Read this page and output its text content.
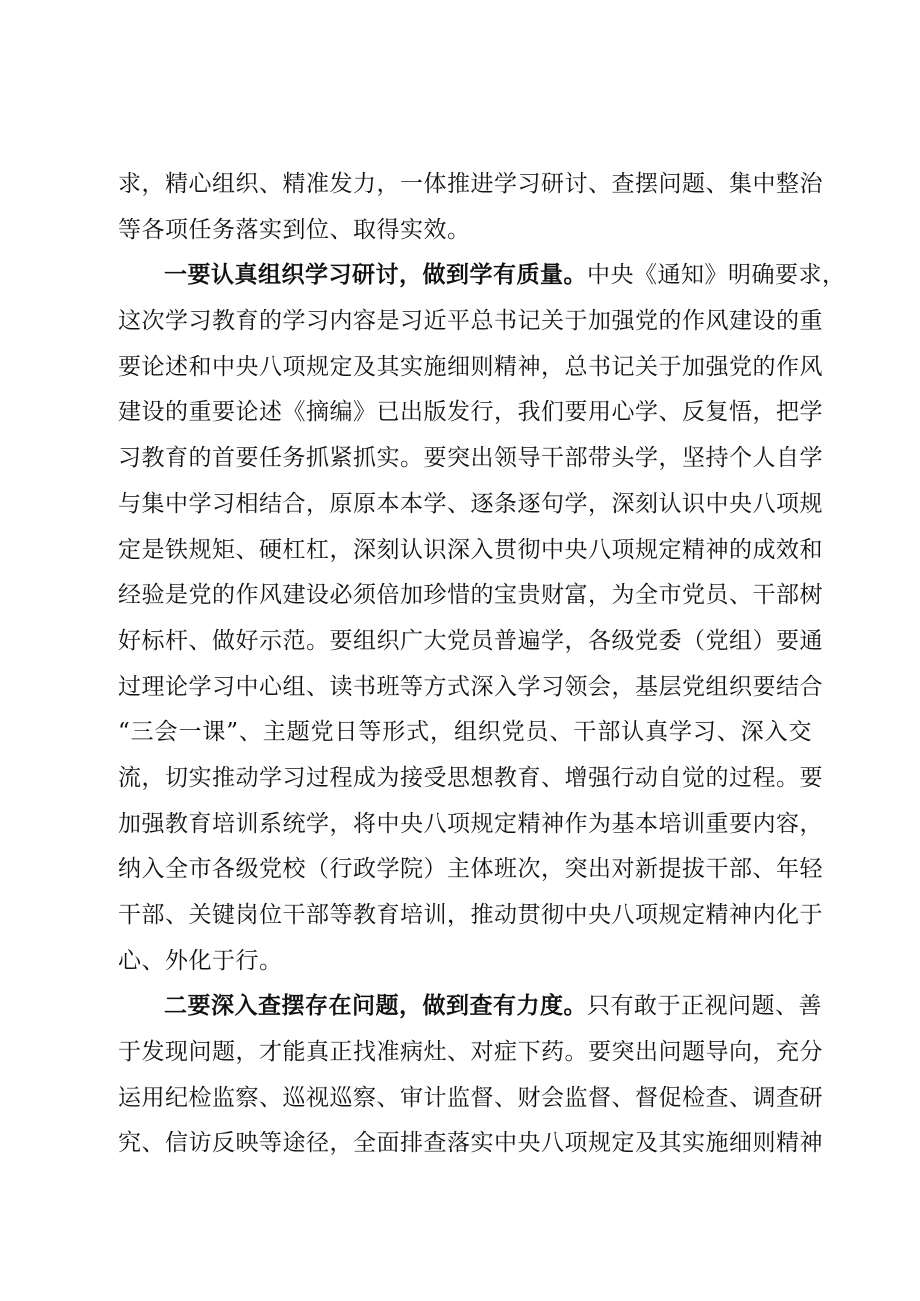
求，精心组织、精准发力，一体推进学习研讨、查摆问题、集中整治
等各项任务落实到位、取得实效。
一要认真组织学习研讨，做到学有质量。中央《通知》明确要求，
这次学习教育的学习内容是习近平总书记关于加强党的作风建设的重
要论述和中央八项规定及其实施细则精神，总书记关于加强党的作风
建设的重要论述《摘编》已出版发行，我们要用心学、反复悟，把学
习教育的首要任务抓紧抓实。要突出领导干部带头学，坚持个人自学
与集中学习相结合，原原本本学、逐条逐句学，深刻认识中央八项规
定是铁规矩、硬杠杠，深刻认识深入贯彻中央八项规定精神的成效和
经验是党的作风建设必须倍加珍惜的宝贵财富，为全市党员、干部树
好标杆、做好示范。要组织广大党员普遍学，各级党委（党组）要通
过理论学习中心组、读书班等方式深入学习领会，基层党组织要结合
“三会一课”、主题党日等形式，组织党员、干部认真学习、深入交
流，切实推动学习过程成为接受思想教育、增强行动自觉的过程。要
加强教育培训系统学，将中央八项规定精神作为基本培训重要内容，
纳入全市各级党校（行政学院）主体班次，突出对新提拔干部、年轻
干部、关键岗位干部等教育培训，推动贯彻中央八项规定精神内化于
心、外化于行。
二要深入查摆存在问题，做到查有力度。只有敢于正视问题、善
于发现问题，才能真正找准病灶、对症下药。要突出问题导向，充分
运用纪检监察、巡视巡察、审计监督、财会监督、督促检查、调查研
究、信访反映等途径，全面排查落实中央八项规定及其实施细则精神
